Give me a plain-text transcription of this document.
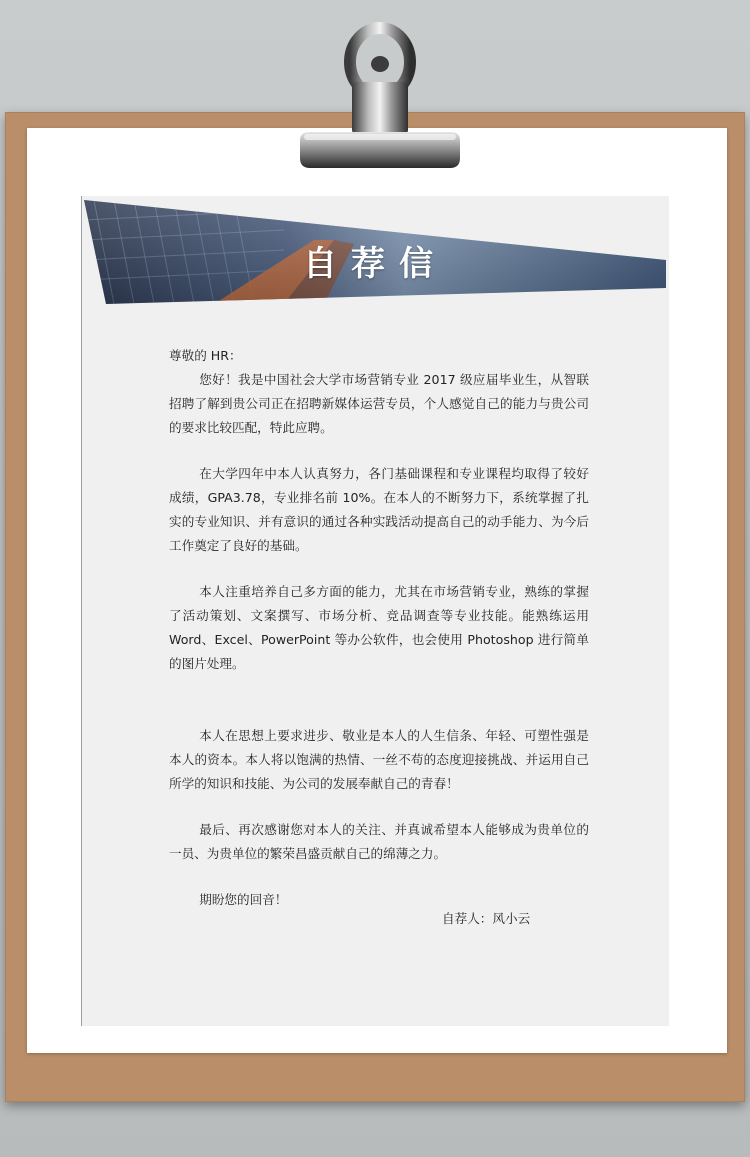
自荐信

尊敬的 HR：

您好！我是中国社会大学市场营销专业 2017 级应届毕业生，从智联招聘了解到贵公司正在招聘新媒体运营专员，个人感觉自己的能力与贵公司的要求比较匹配，特此应聘。

在大学四年中本人认真努力，各门基础课程和专业课程均取得了较好成绩，GPA3.78，专业排名前 10%。在本人的不断努力下，系统掌握了扎实的专业知识、并有意识的通过各种实践活动提高自己的动手能力、为今后工作奠定了良好的基础。

本人注重培养自己多方面的能力，尤其在市场营销专业，熟练的掌握了活动策划、文案撰写、市场分析、竞品调查等专业技能。能熟练运用 Word、Excel、PowerPoint 等办公软件，也会使用 Photoshop 进行简单的图片处理。

本人在思想上要求进步、敬业是本人的人生信条、年轻、可塑性强是本人的资本。本人将以饱满的热情、一丝不苟的态度迎接挑战、并运用自己所学的知识和技能、为公司的发展奉献自己的青春！

最后、再次感谢您对本人的关注、并真诚希望本人能够成为贵单位的一员、为贵单位的繁荣昌盛贡献自己的绵薄之力。

期盼您的回音！

自荐人：风小云
